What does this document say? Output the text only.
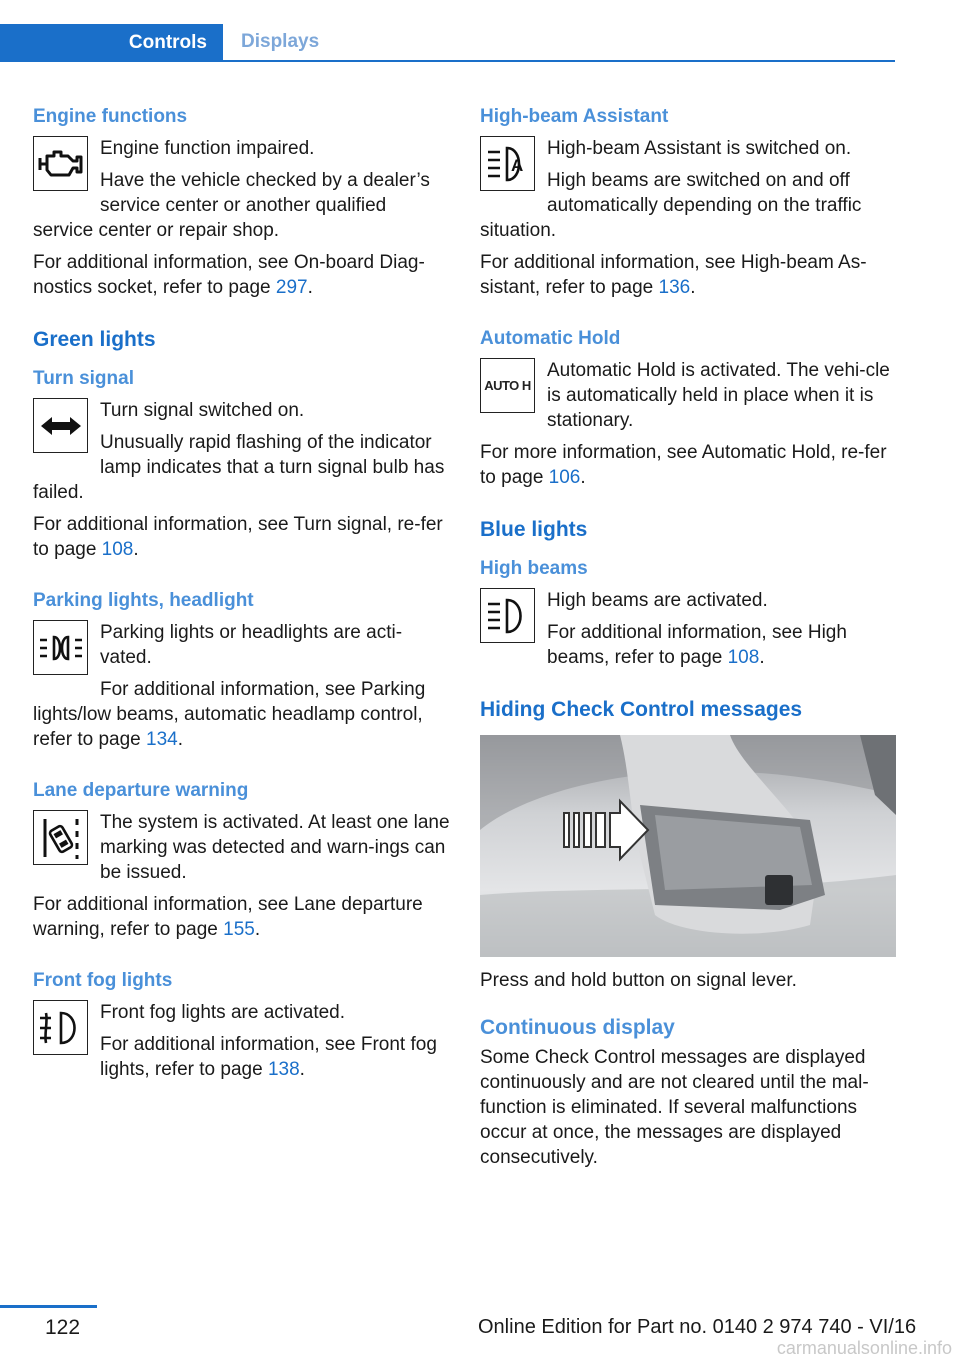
Controls	Displays
Engine functions

Engine function impaired.

Have the vehicle checked by a dealer’s service center or another qualified service center or repair shop.

For additional information, see On-board Diag-nostics socket, refer to page 297.

Green lights
Turn signal

Turn signal switched on.

Unusually rapid flashing of the indicator lamp indicates that a turn signal bulb has failed.

For additional information, see Turn signal, re-fer to page 108.

Parking lights, headlight

Parking lights or headlights are acti-vated.

For additional information, see Parking lights/low beams, automatic headlamp control, refer to page 134.

Lane departure warning

The system is activated. At least one lane marking was detected and warn-ings can be issued.

For additional information, see Lane departure warning, refer to page 155.

Front fog lights

Front fog lights are activated.

For additional information, see Front fog lights, refer to page 138.

High-beam Assistant
A

High-beam Assistant is switched on.

High beams are switched on and off automatically depending on the traffic situation.

For additional information, see High-beam As-sistant, refer to page 136.

Automatic Hold
AUTO H

Automatic Hold is activated. The vehi-cle is automatically held in place when it is stationary.

For more information, see Automatic Hold, re-fer to page 106.

Blue lights
High beams

High beams are activated.

For additional information, see High beams, refer to page 108.

Hiding Check Control messages

Press and hold button on signal lever.

Continuous display

Some Check Control messages are displayed continuously and are not cleared until the mal-function is eliminated. If several malfunctions occur at once, the messages are displayed consecutively.

122	Online Edition for Part no. 0140 2 974 740 - VI/16
carmanualsonline.info
